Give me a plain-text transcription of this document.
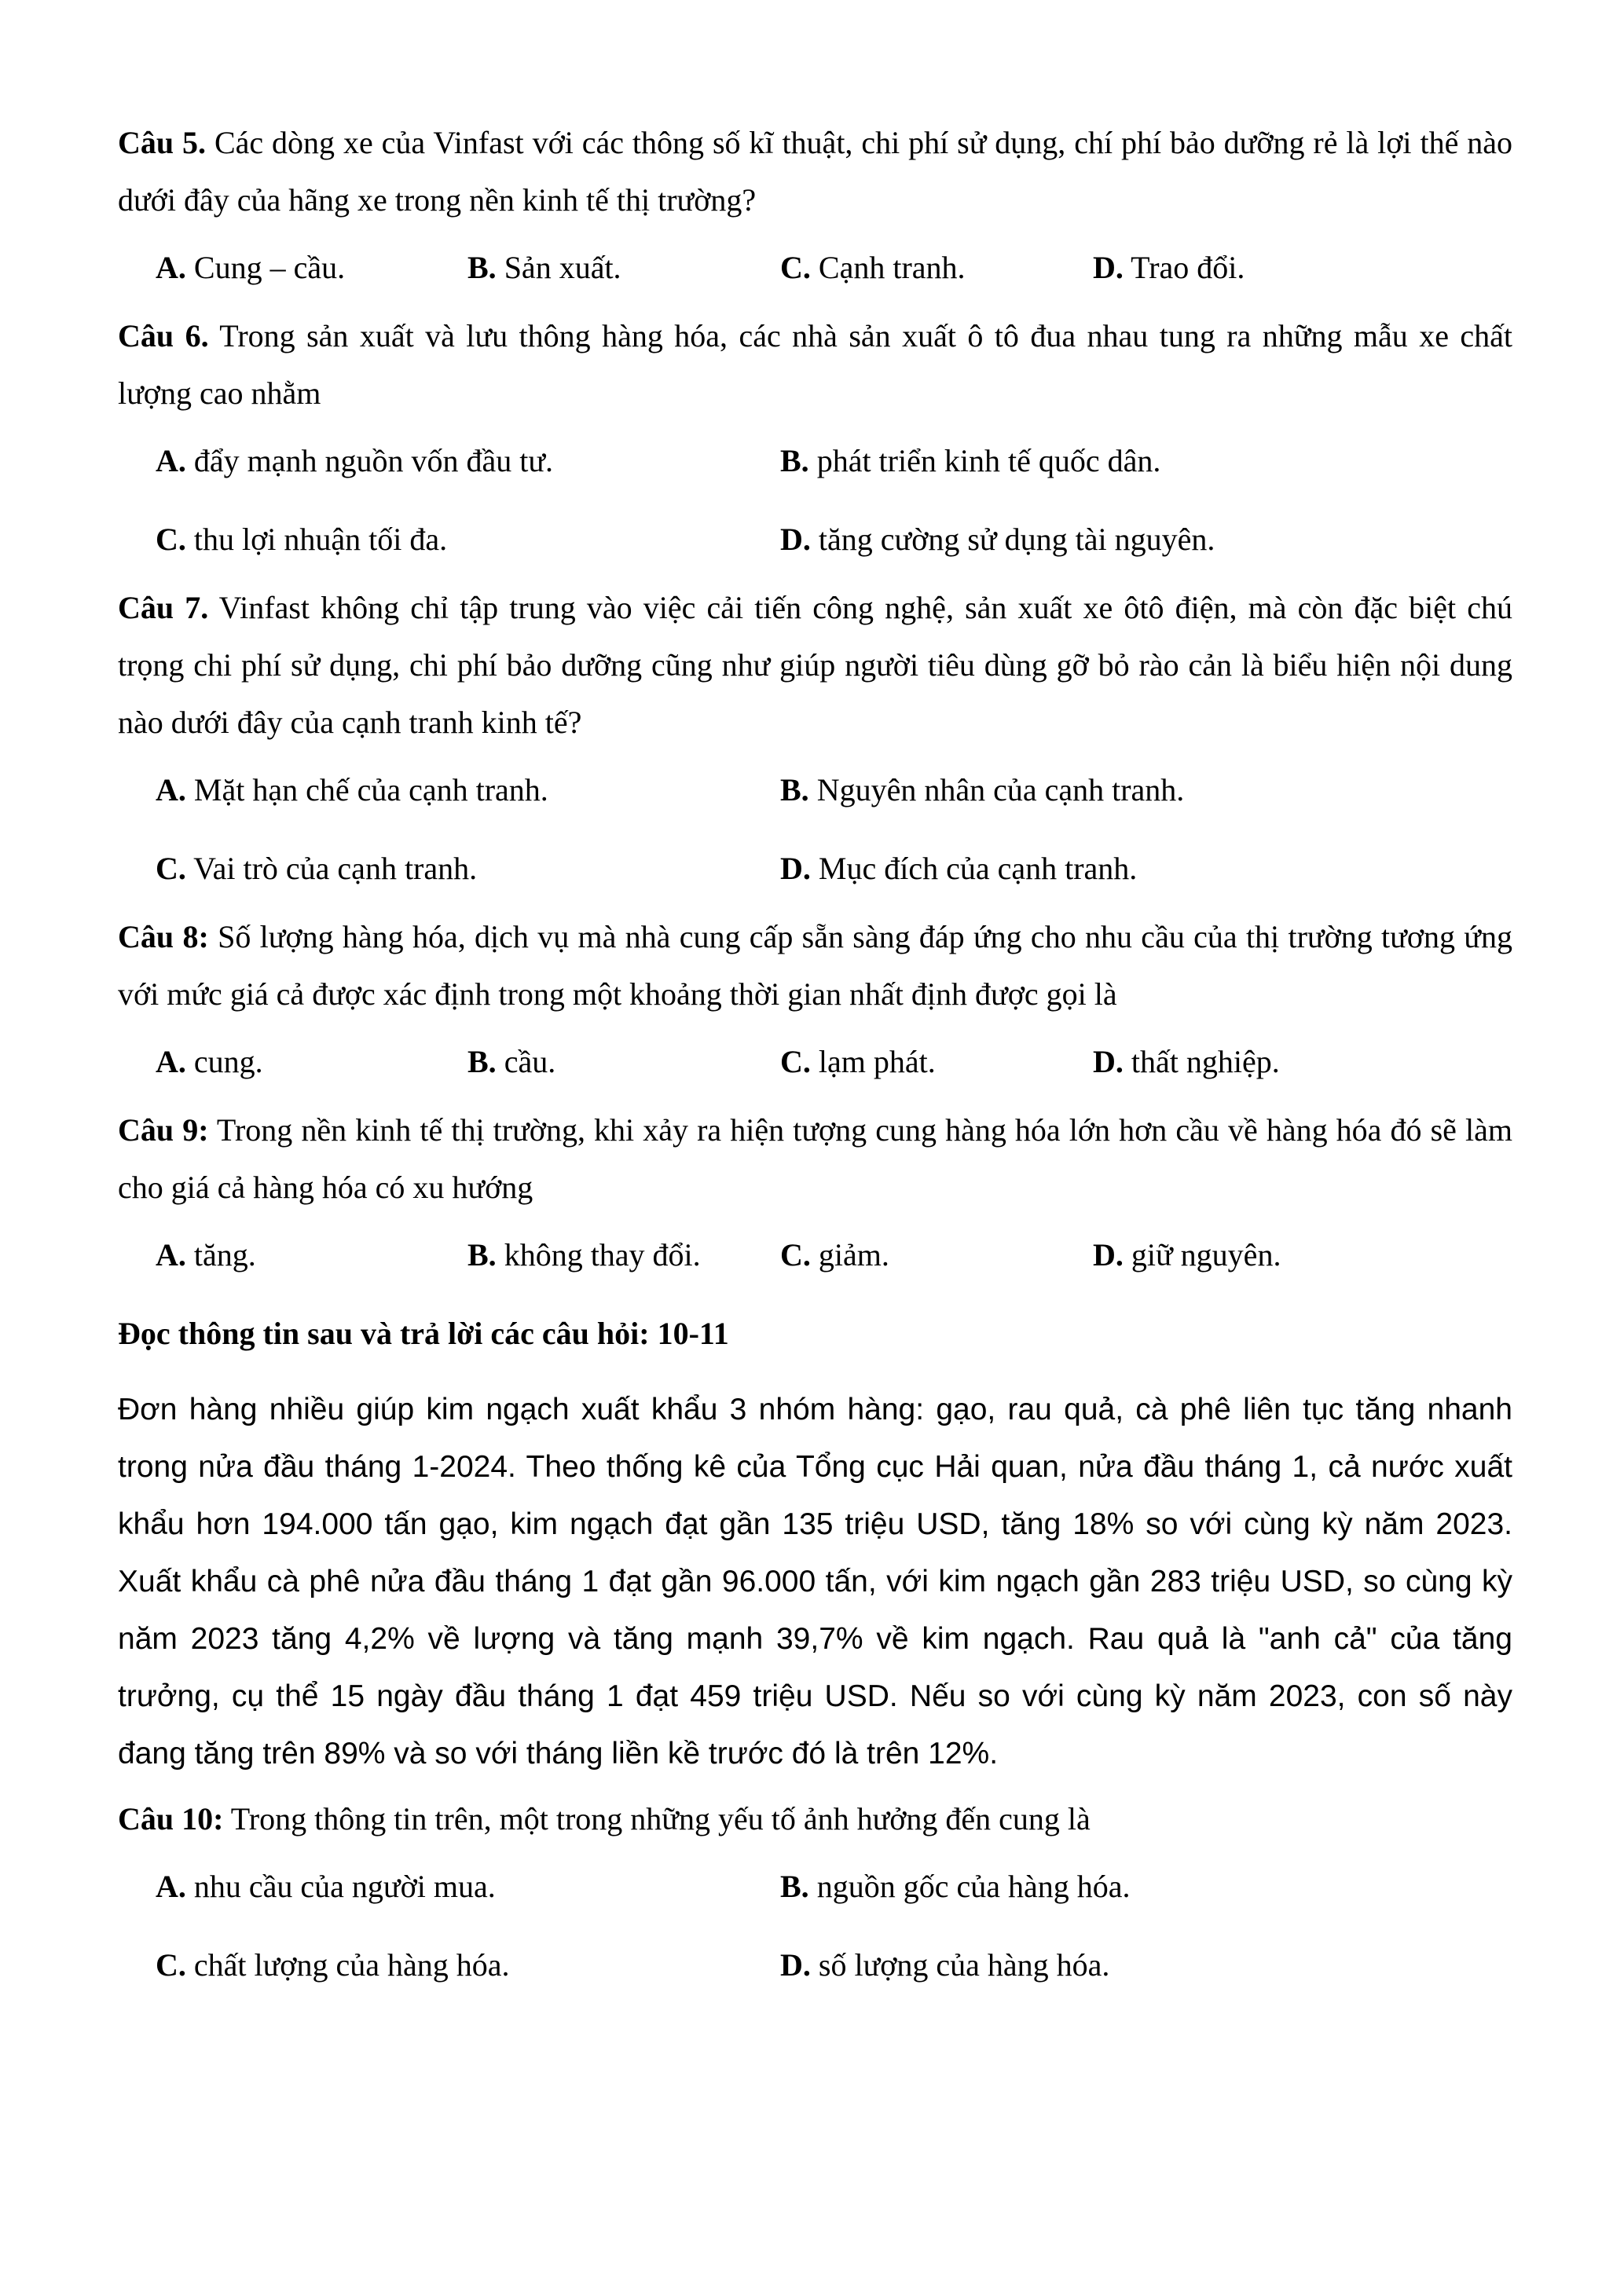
Câu 5. Các dòng xe của Vinfast với các thông số kĩ thuật, chi phí sử dụng, chí phí bảo dưỡng rẻ là lợi thế nào dưới đây của hãng xe trong nền kinh tế thị trường?

A. Cung – cầu.	B. Sản xuất.	C. Cạnh tranh.	D. Trao đổi.

Câu 6. Trong sản xuất và lưu thông hàng hóa, các nhà sản xuất ô tô đua nhau tung ra những mẫu xe chất lượng cao nhằm

A. đẩy mạnh nguồn vốn đầu tư.	B. phát triển kinh tế quốc dân.
C. thu lợi nhuận tối đa.	D. tăng cường sử dụng tài nguyên.

Câu 7. Vinfast không chỉ tập trung vào việc cải tiến công nghệ, sản xuất xe ôtô điện, mà còn đặc biệt chú trọng chi phí sử dụng, chi phí bảo dưỡng cũng như giúp người tiêu dùng gỡ bỏ rào cản là biểu hiện nội dung nào dưới đây của cạnh tranh kinh tế?

A. Mặt hạn chế của cạnh tranh.	B. Nguyên nhân của cạnh tranh.
C. Vai trò của cạnh tranh.	D. Mục đích của cạnh tranh.

Câu 8: Số lượng hàng hóa, dịch vụ mà nhà cung cấp sẵn sàng đáp ứng cho nhu cầu của thị trường tương ứng với mức giá cả được xác định trong một khoảng thời gian nhất định được gọi là

A. cung.	B. cầu.	C. lạm phát.	D. thất nghiệp.

Câu 9: Trong nền kinh tế thị trường, khi xảy ra hiện tượng cung hàng hóa lớn hơn cầu về hàng hóa đó sẽ làm cho giá cả hàng hóa có xu hướng

A. tăng.	B. không thay đổi.	C. giảm.	D. giữ nguyên.

Đọc thông tin sau và trả lời các câu hỏi: 10-11

Đơn hàng nhiều giúp kim ngạch xuất khẩu 3 nhóm hàng: gạo, rau quả, cà phê liên tục tăng nhanh trong nửa đầu tháng 1-2024. Theo thống kê của Tổng cục Hải quan, nửa đầu tháng 1, cả nước xuất khẩu hơn 194.000 tấn gạo, kim ngạch đạt gần 135 triệu USD, tăng 18% so với cùng kỳ năm 2023. Xuất khẩu cà phê nửa đầu tháng 1 đạt gần 96.000 tấn, với kim ngạch gần 283 triệu USD, so cùng kỳ năm 2023 tăng 4,2% về lượng và tăng mạnh 39,7% về kim ngạch. Rau quả là "anh cả" của tăng trưởng, cụ thể 15 ngày đầu tháng 1 đạt 459 triệu USD. Nếu so với cùng kỳ năm 2023, con số này đang tăng trên 89% và so với tháng liền kề trước đó là trên 12%.

Câu 10: Trong thông tin trên, một trong những yếu tố ảnh hưởng đến cung là

A. nhu cầu của người mua.	B. nguồn gốc của hàng hóa.
C. chất lượng của hàng hóa.	D. số lượng của hàng hóa.
